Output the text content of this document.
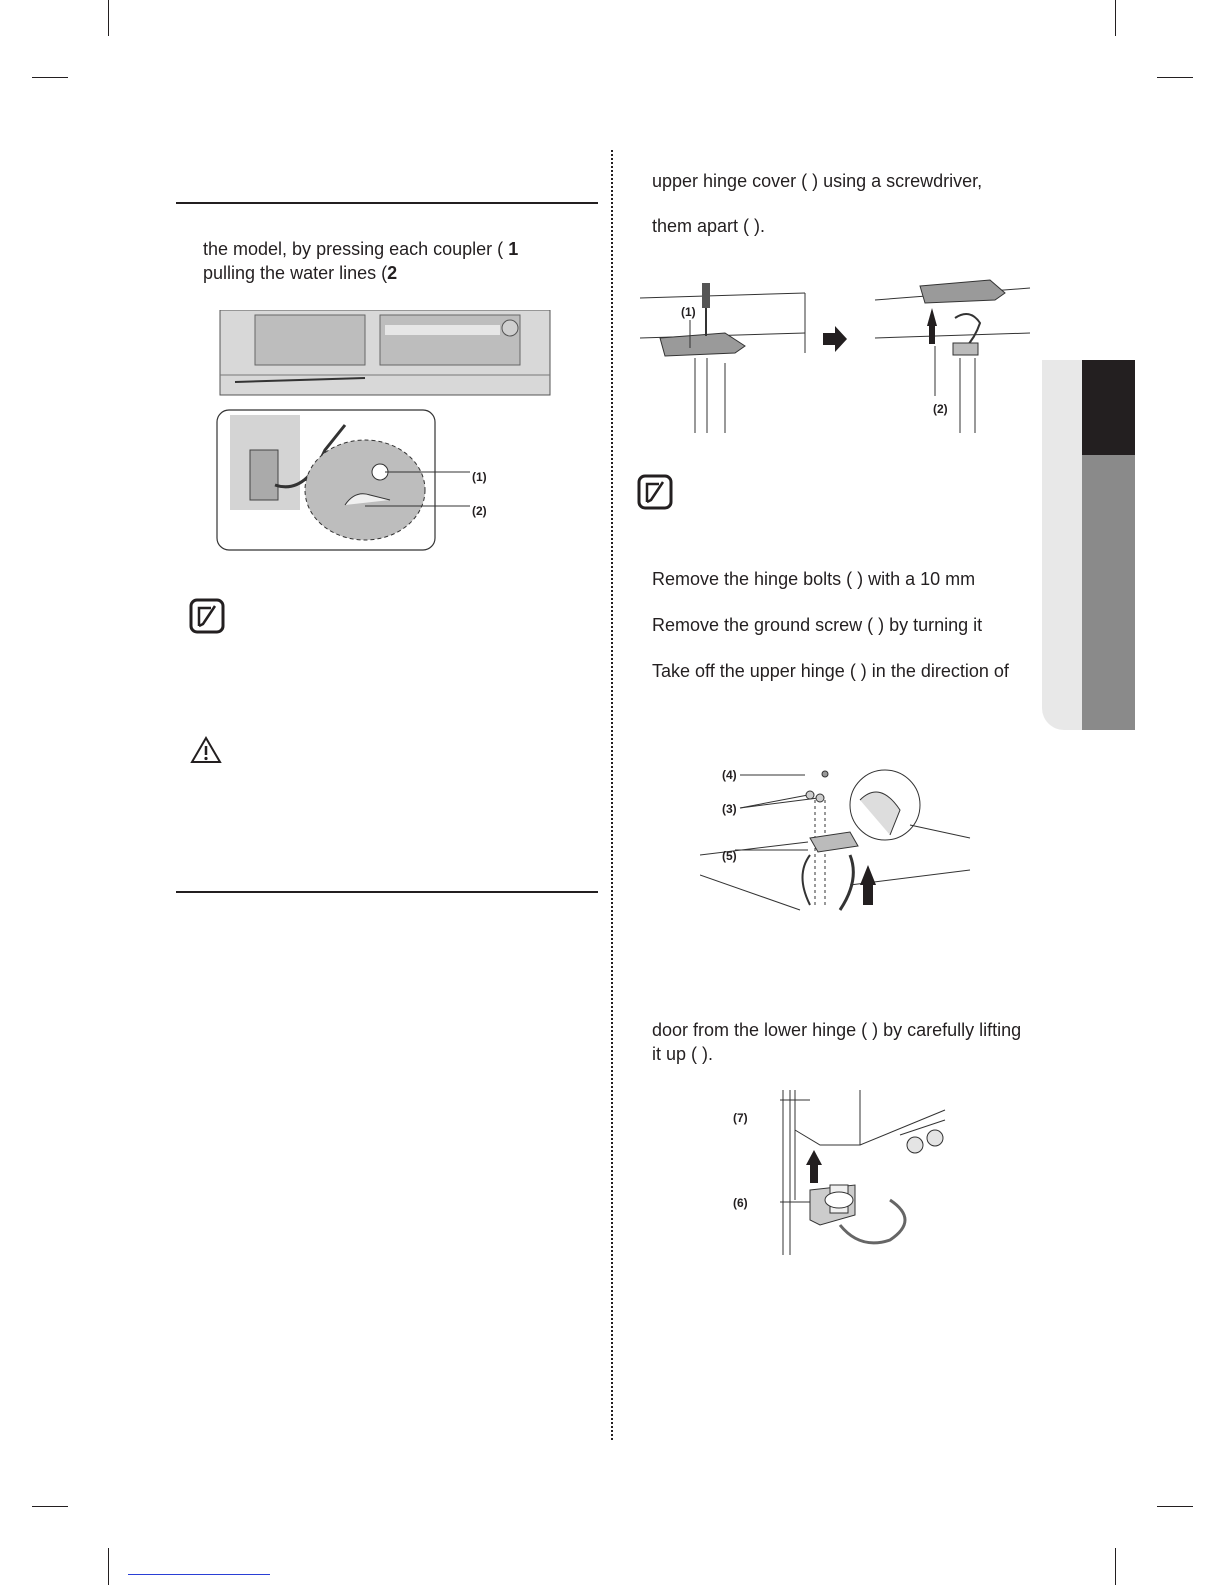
the model, by pressing each coupler ( 1
pulling the water lines (2
(1)
(2)
upper hinge cover ( ) using a screwdriver,
them apart ( ).
(1)
(2)
Remove the hinge bolts ( ) with a 10 mm
Remove the ground screw ( ) by turning it
Take off the upper hinge ( ) in the direction of
(4)
(3)
(5)
door from the lower hinge ( ) by carefully lifting
it up ( ).
(7)
(6)
